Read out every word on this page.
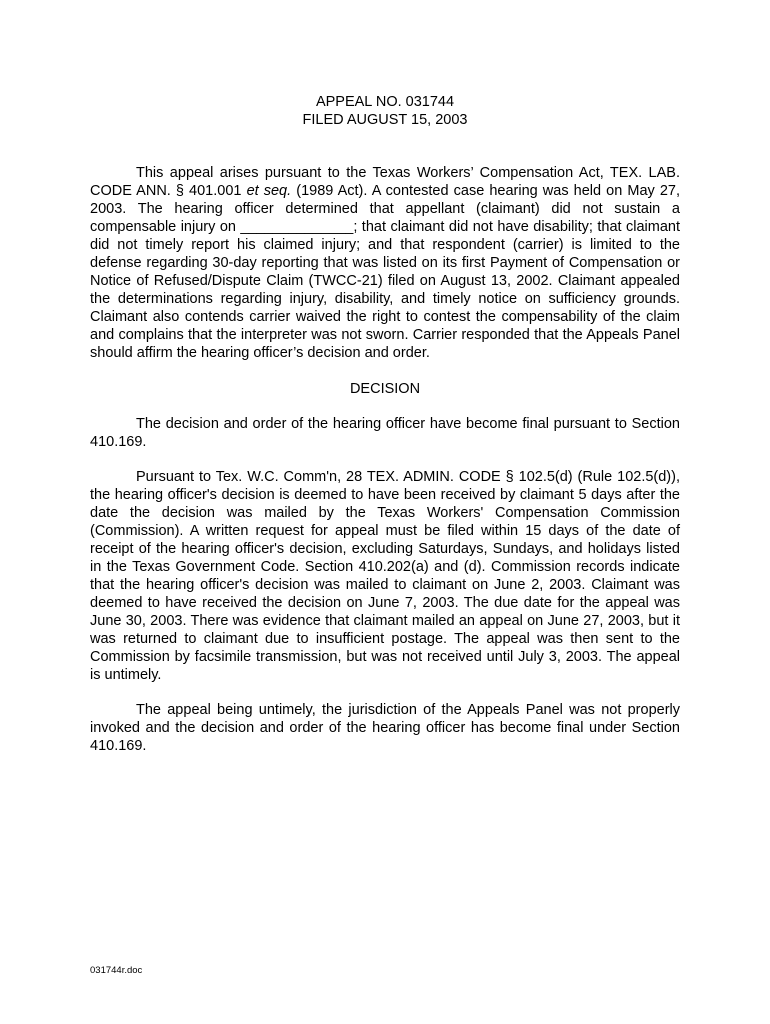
APPEAL NO. 031744
FILED AUGUST 15, 2003

This appeal arises pursuant to the Texas Workers’ Compensation Act, TEX. LAB. CODE ANN. § 401.001 et seq. (1989 Act). A contested case hearing was held on May 27, 2003. The hearing officer determined that appellant (claimant) did not sustain a compensable injury on ______________; that claimant did not have disability; that claimant did not timely report his claimed injury; and that respondent (carrier) is limited to the defense regarding 30-day reporting that was listed on its first Payment of Compensation or Notice of Refused/Dispute Claim (TWCC-21) filed on August 13, 2002. Claimant appealed the determinations regarding injury, disability, and timely notice on sufficiency grounds. Claimant also contends carrier waived the right to contest the compensability of the claim and complains that the interpreter was not sworn. Carrier responded that the Appeals Panel should affirm the hearing officer’s decision and order.

DECISION

The decision and order of the hearing officer have become final pursuant to Section 410.169.

Pursuant to Tex. W.C. Comm'n, 28 TEX. ADMIN. CODE § 102.5(d) (Rule 102.5(d)), the hearing officer's decision is deemed to have been received by claimant 5 days after the date the decision was mailed by the Texas Workers' Compensation Commission (Commission). A written request for appeal must be filed within 15 days of the date of receipt of the hearing officer's decision, excluding Saturdays, Sundays, and holidays listed in the Texas Government Code. Section 410.202(a) and (d). Commission records indicate that the hearing officer's decision was mailed to claimant on June 2, 2003. Claimant was deemed to have received the decision on June 7, 2003. The due date for the appeal was June 30, 2003. There was evidence that claimant mailed an appeal on June 27, 2003, but it was returned to claimant due to insufficient postage. The appeal was then sent to the Commission by facsimile transmission, but was not received until July 3, 2003. The appeal is untimely.

The appeal being untimely, the jurisdiction of the Appeals Panel was not properly invoked and the decision and order of the hearing officer has become final under Section 410.169.

031744r.doc
